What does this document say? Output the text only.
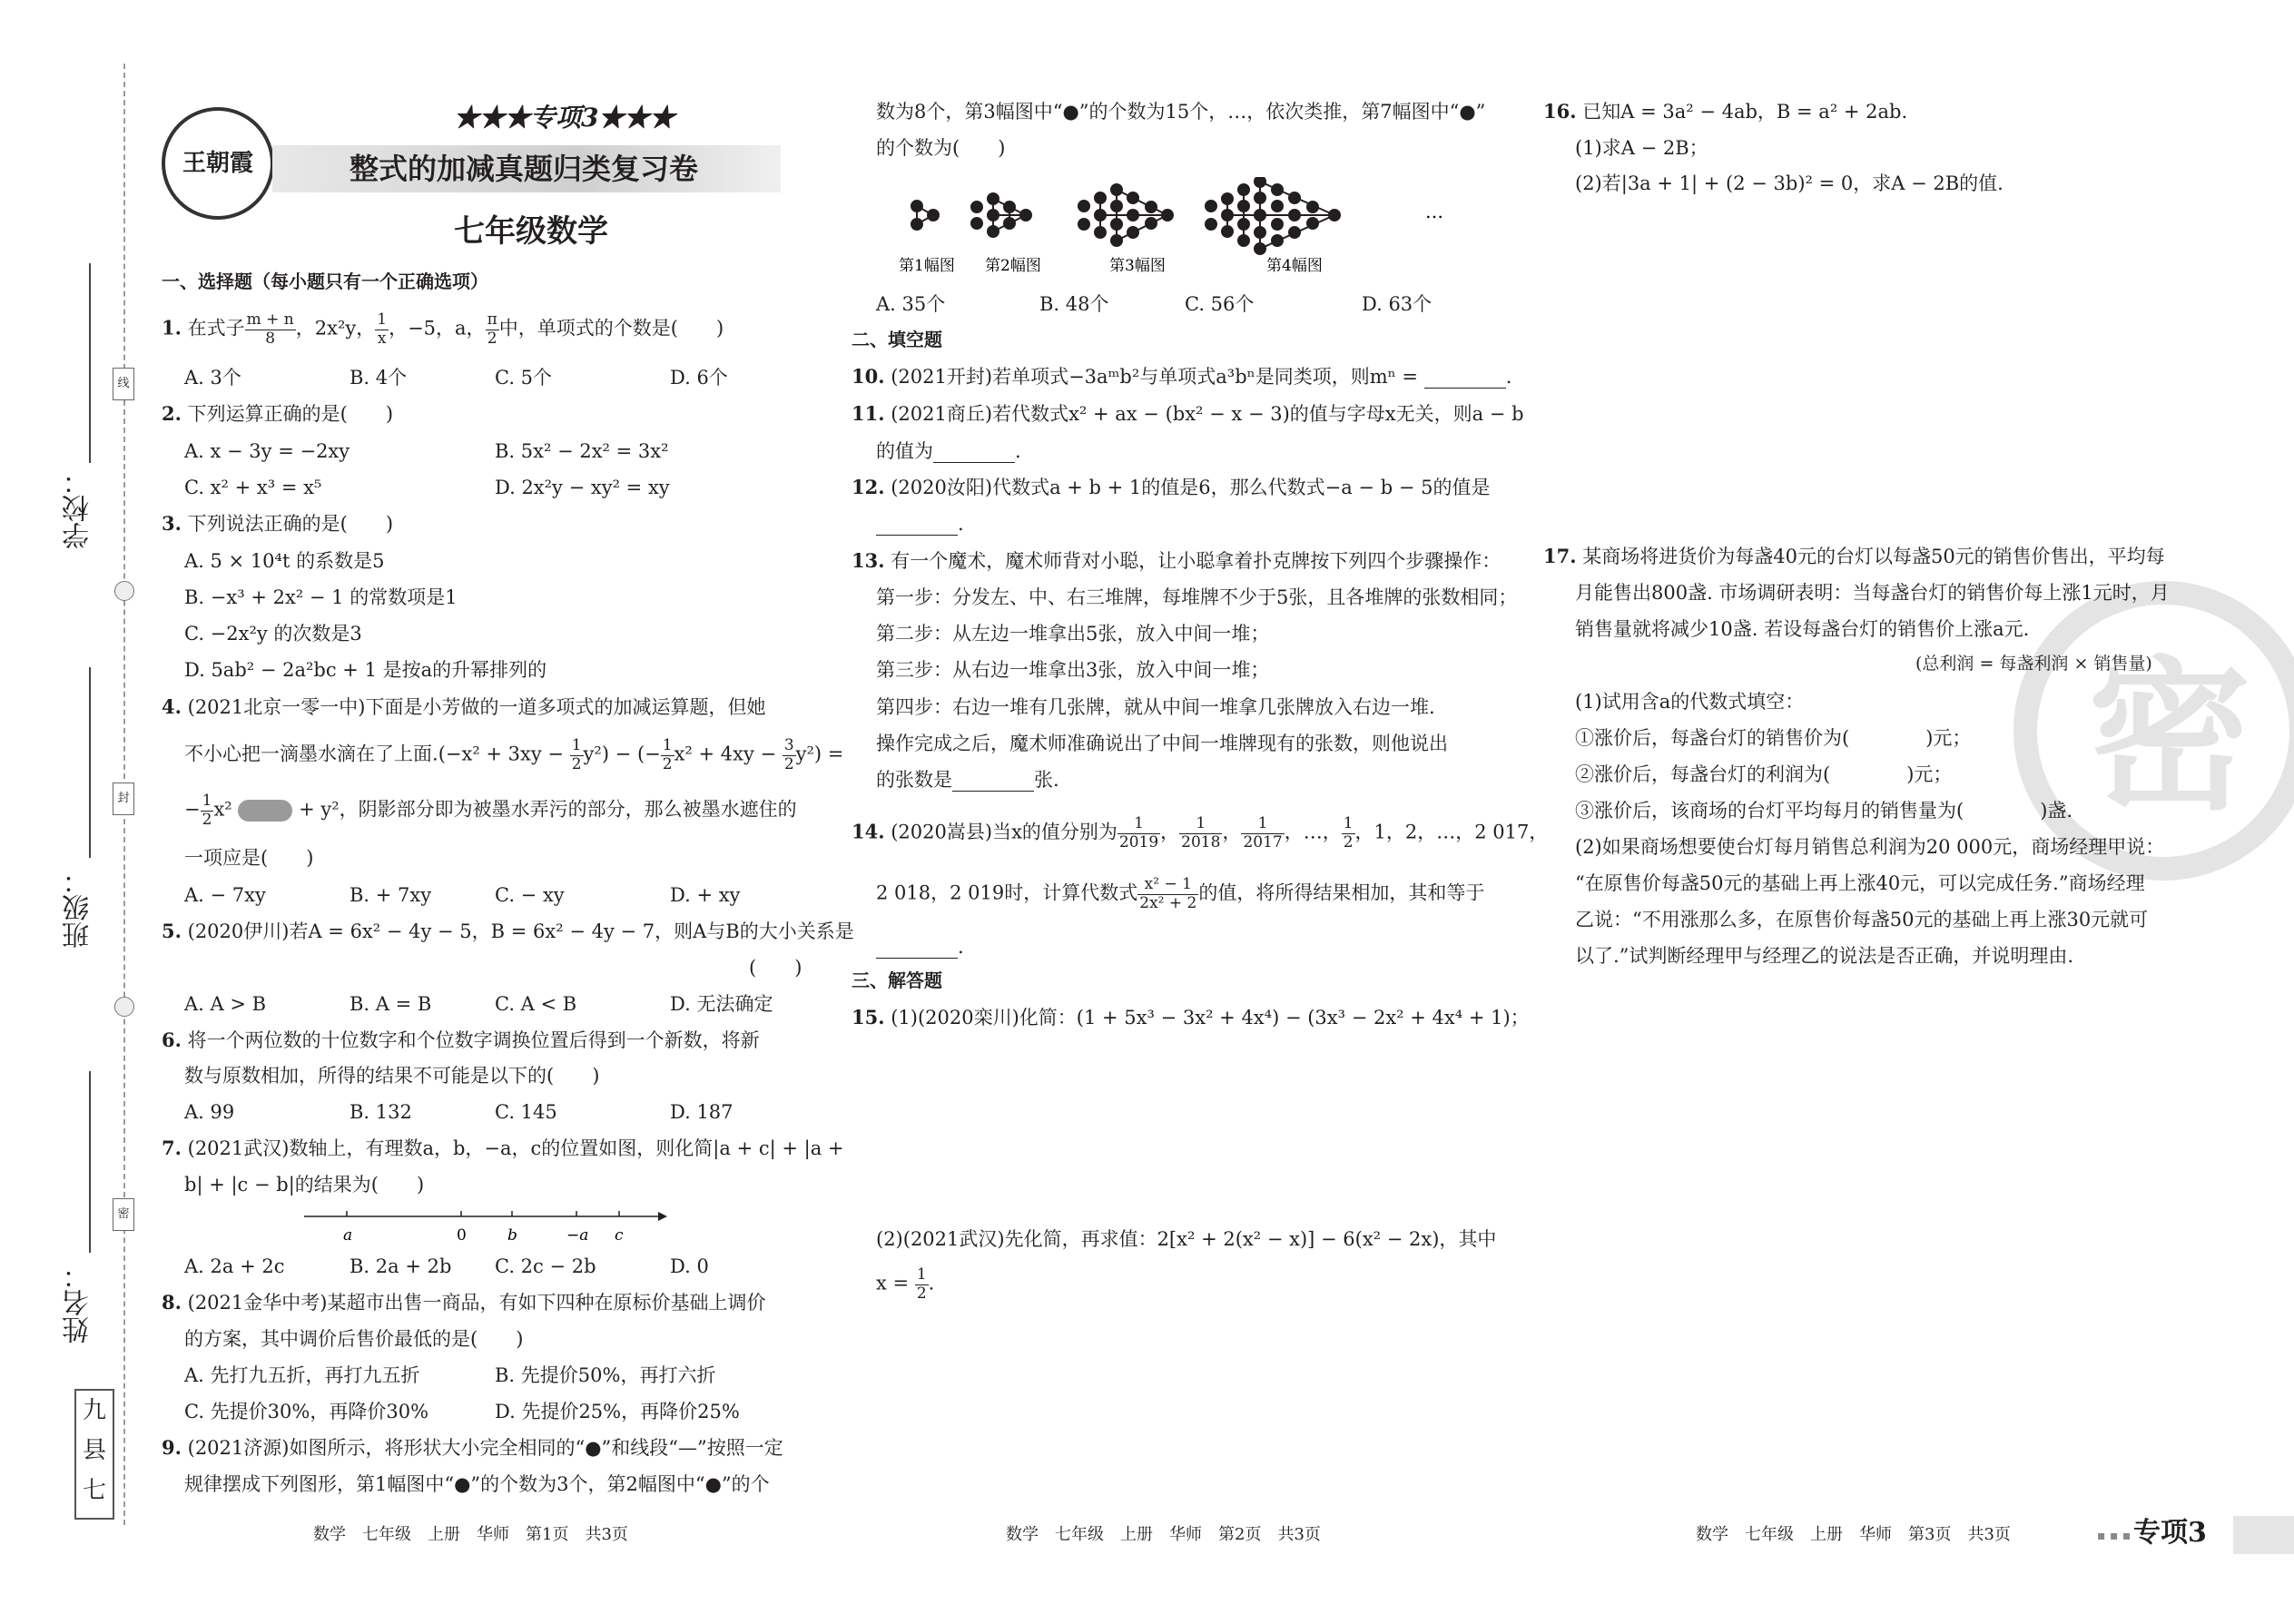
学校：
班级：
姓名：
线
封
密
九
县
七
王朝霞
★★★专项3★★★
整式的加减真题归类复习卷
七年级数学
一、选择题（每小题只有一个正确选项）
1. 在式子 $\frac{m + n}{8}$ ，2x²y， $\frac{1}{x}$ ，−5，a， $\frac{\pi}{2}$ 中，单项式的个数是(　　)
A. 3个	B. 4个	C. 5个	D. 6个
2. 下列运算正确的是(　　)
A. x − 3y = −2xy	B. 5x² − 2x² = 3x²
C. x² + x³ = x⁵	D. 2x²y − xy² = xy
3. 下列说法正确的是(　　)
A. 5 × 10⁴t 的系数是5
B. −x³ + 2x² − 1 的常数项是1
C. −2x²y 的次数是3
D. 5ab² − 2a²bc + 1 是按a的升幂排列的
4. (2021北京一零一中)下面是小芳做的一道多项式的加减运算题，但她
不小心把一滴墨水滴在了上面$.(-x^2 + 3xy - \frac{1}{2} y^2)$ − (− $\frac{1}{2} x^2 + 4xy - \frac{3}{2} y^2$) =
− $\frac{1}{2} x^2$	+ y²，阴影部分即为被墨水弄污的部分，那么被墨水遮住的
一项应是(　　)
A. − 7xy	B. + 7xy	C. − xy	D. + xy
5. (2020伊川)若A = 6x² − 4y − 5，B = 6x² − 4y − 7，则A与B的大小关系是
(　　)
A. A > B	B. A = B	C. A < B	D. 无法确定
6. 将一个两位数的十位数字和个位数字调换位置后得到一个新数，将新
数与原数相加，所得的结果不可能是以下的(　　)
A. 99	B. 132	C. 145	D. 187
7. (2021武汉)数轴上，有理数a，b，−a，c的位置如图，则化简|a + c| + |a +
b| + |c − b|的结果为(　　)
a	0	b	−a c
A. 2a + 2c	B. 2a + 2b C. 2c − 2b	D. 0
8. (2021金华中考)某超市出售一商品，有如下四种在原标价基础上调价
的方案，其中调价后售价最低的是(　　)
A. 先打九五折，再打九五折	B. 先提价50%，再打六折
C. 先提价30%，再降价30%	D. 先提价25%，再降价25%
9. (2021济源)如图所示，将形状大小完全相同的“●”和线段“—”按照一定
规律摆成下列图形，第1幅图中“●”的个数为3个，第2幅图中“●”的个
数学　七年级　上册　华师　第1页　共3页
数为8个，第3幅图中“●”的个数为15个，…，依次类推，第7幅图中“●”
的个数为(　　)
…
第1幅图 第2幅图	第3幅图	第4幅图
A. 35个	B. 48个	C. 56个	D. 63个
二、填空题
10. (2021开封)若单项式−3aᵐb²与单项式a³bⁿ是同类项，则mⁿ =	.
11. (2021商丘)若代数式x² + ax − (bx² − x − 3)的值与字母x无关，则a − b
的值为	.
12. (2020汝阳)代数式a + b + 1的值是6，那么代数式−a − b − 5的值是
.
13. 有一个魔术，魔术师背对小聪，让小聪拿着扑克牌按下列四个步骤操作：
第一步：分发左、中、右三堆牌，每堆牌不少于5张，且各堆牌的张数相同；
第二步：从左边一堆拿出5张，放入中间一堆；
第三步：从右边一堆拿出3张，放入中间一堆；
第四步：右边一堆有几张牌，就从中间一堆拿几张牌放入右边一堆.
操作完成之后，魔术师准确说出了中间一堆牌现有的张数，则他说出
的张数是	张.
14. (2020嵩县)当x的值分别为 $\frac{1}{2019}$ ， $\frac{1}{2018}$ ， $\frac{1}{2017}$ ，…， $\frac{1}{2}$ ，1，2，…，2 017，
2 018，2 019时，计算代数式 $\frac{\text{x² − 1}}{\text{2x² + 2}}$ 的值，将所得结果相加，其和等于
.
三、解答题
15. (1)(2020栾川)化简：(1 + 5x³ − 3x² + 4x⁴) − (3x³ − 2x² + 4x⁴ + 1)；
(2)(2021武汉)先化简，再求值：2[x² + 2(x² − x)] − 6(x² − 2x)，其中
$x = \frac{1}{2}$ .
数学　七年级　上册　华师　第2页　共3页
密
16. 已知A = 3a² − 4ab，B = a² + 2ab.
(1)求A − 2B；
(2)若|3a + 1| + (2 − 3b)² = 0，求A − 2B的值.
17. 某商场将进货价为每盏40元的台灯以每盏50元的销售价售出，平均每
月能售出800盏. 市场调研表明：当每盏台灯的销售价每上涨1元时，月
销售量就将减少10盏. 若设每盏台灯的销售价上涨a元.
(总利润 = 每盏利润 × 销售量)
(1)试用含a的代数式填空：
①涨价后，每盏台灯的销售价为(　　　　)元；
②涨价后，每盏台灯的利润为(　　　　)元；
③涨价后，该商场的台灯平均每月的销售量为(　　　　)盏.
(2)如果商场想要使台灯每月销售总利润为20 000元，商场经理甲说：
“在原售价每盏50元的基础上再上涨40元，可以完成任务.”商场经理
乙说：“不用涨那么多，在原售价每盏50元的基础上再上涨30元就可
以了.”试判断经理甲与经理乙的说法是否正确，并说明理由.
数学　七年级　上册　华师　第3页　共3页	▪ ▪ ▪ 专项3
